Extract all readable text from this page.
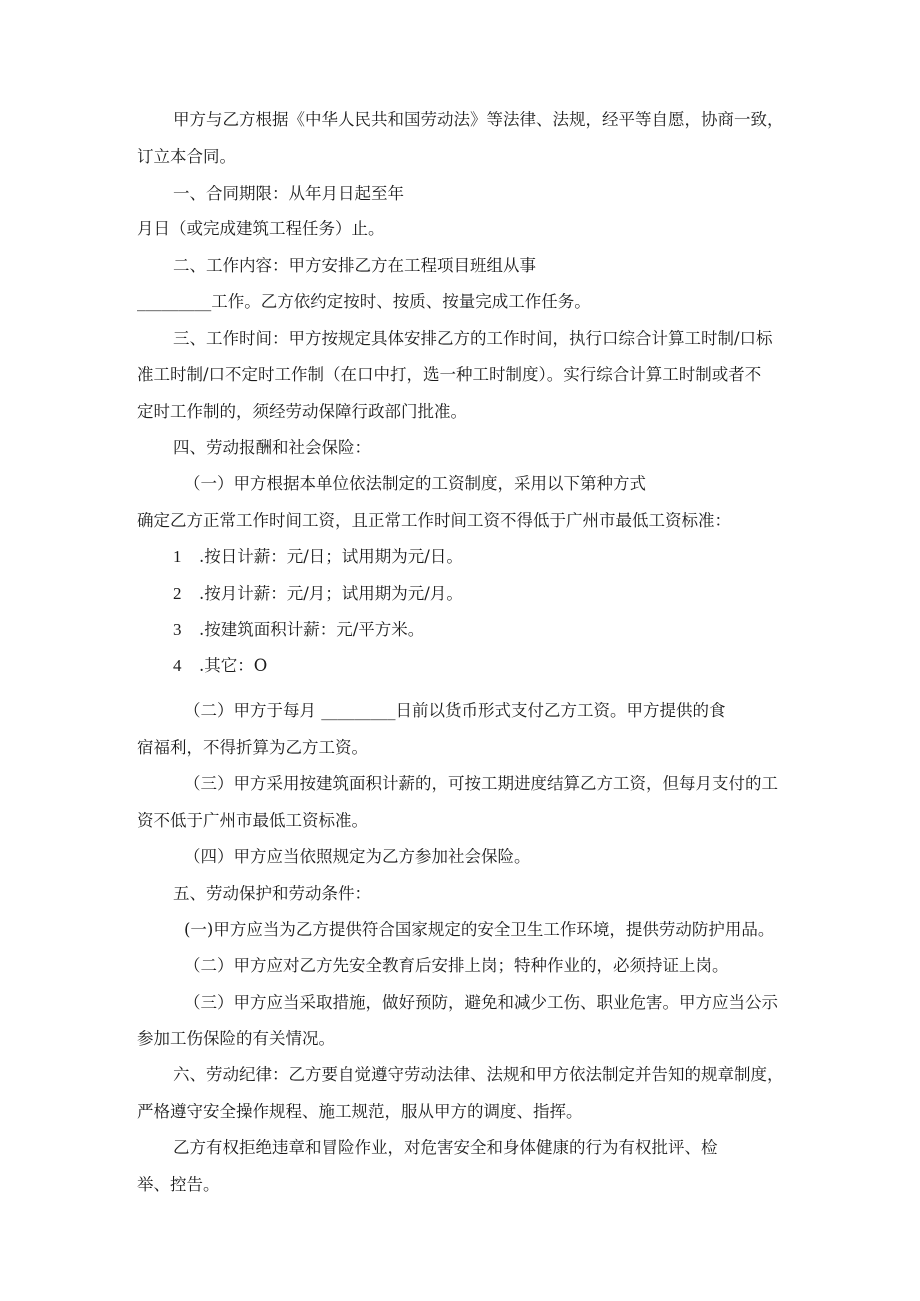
甲方与乙方根据《中华人民共和国劳动法》等法律、法规，经平等自愿，协商一致，
订立本合同。
一、合同期限：从年月日起至年
月日（或完成建筑工程任务）止。
二、工作内容：甲方安排乙方在工程项目班组从事
_________工作。乙方依约定按时、按质、按量完成工作任务。
三、工作时间：甲方按规定具体安排乙方的工作时间，执行口综合计算工时制/口标
准工时制/口不定时工作制（在口中打，选一种工时制度）。实行综合计算工时制或者不
定时工作制的，须经劳动保障行政部门批准。
四、劳动报酬和社会保险：
（一）甲方根据本单位依法制定的工资制度，采用以下第种方式
确定乙方正常工作时间工资，且正常工作时间工资不得低于广州市最低工资标准：
1 .按日计薪：元/日；试用期为元/日。
2 .按月计薪：元/月；试用期为元/月。
3 .按建筑面积计薪：元/平方米。
4 .其它：O
（二）甲方于每月 _________日前以货币形式支付乙方工资。甲方提供的食
宿福利，不得折算为乙方工资。
（三）甲方采用按建筑面积计薪的，可按工期进度结算乙方工资，但每月支付的工
资不低于广州市最低工资标准。
（四）甲方应当依照规定为乙方参加社会保险。
五、劳动保护和劳动条件：
(一)甲方应当为乙方提供符合国家规定的安全卫生工作环境，提供劳动防护用品。
（二）甲方应对乙方先安全教育后安排上岗；特种作业的，必须持证上岗。
（三）甲方应当采取措施，做好预防，避免和减少工伤、职业危害。甲方应当公示
参加工伤保险的有关情况。
六、劳动纪律：乙方要自觉遵守劳动法律、法规和甲方依法制定并告知的规章制度，
严格遵守安全操作规程、施工规范，服从甲方的调度、指挥。
乙方有权拒绝违章和冒险作业，对危害安全和身体健康的行为有权批评、检
举、控告。
